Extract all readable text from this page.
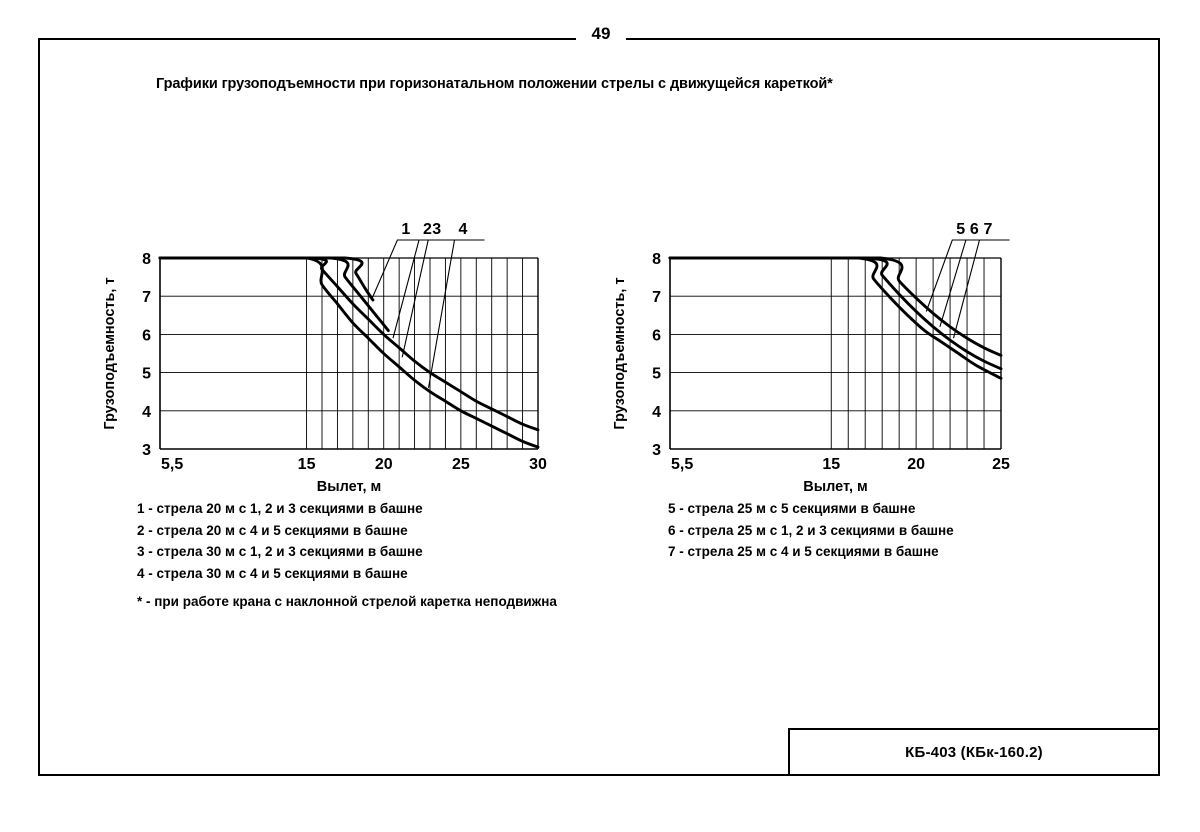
49
КБ-403 (КБк-160.2)
Графики грузоподъемности при горизонатальном положении стрелы с движущейся кареткой*
1 2 3 4
3
4
5
6
7
8
5,5	15	20	25	30
Вылет, м
Грузоподъемность, т
5 6 7
3
4
5
6
7
8
5,5	15	20	25
Вылет, м
Грузоподъемность, т
1 - стрела 20 м с 1, 2 и 3 секциями в башне
2 - стрела 20 м с 4 и 5 секциями в башне
3 - стрела 30 м с 1, 2 и 3 секциями в башне
4 - стрела 30 м с 4 и 5 секциями в башне
5 - стрела 25 м с 5 секциями в башне
6 - стрела 25 м с 1, 2 и 3 секциями в башне
7 - стрела 25 м с 4 и 5 секциями в башне
* - при работе крана с наклонной стрелой каретка неподвижна
